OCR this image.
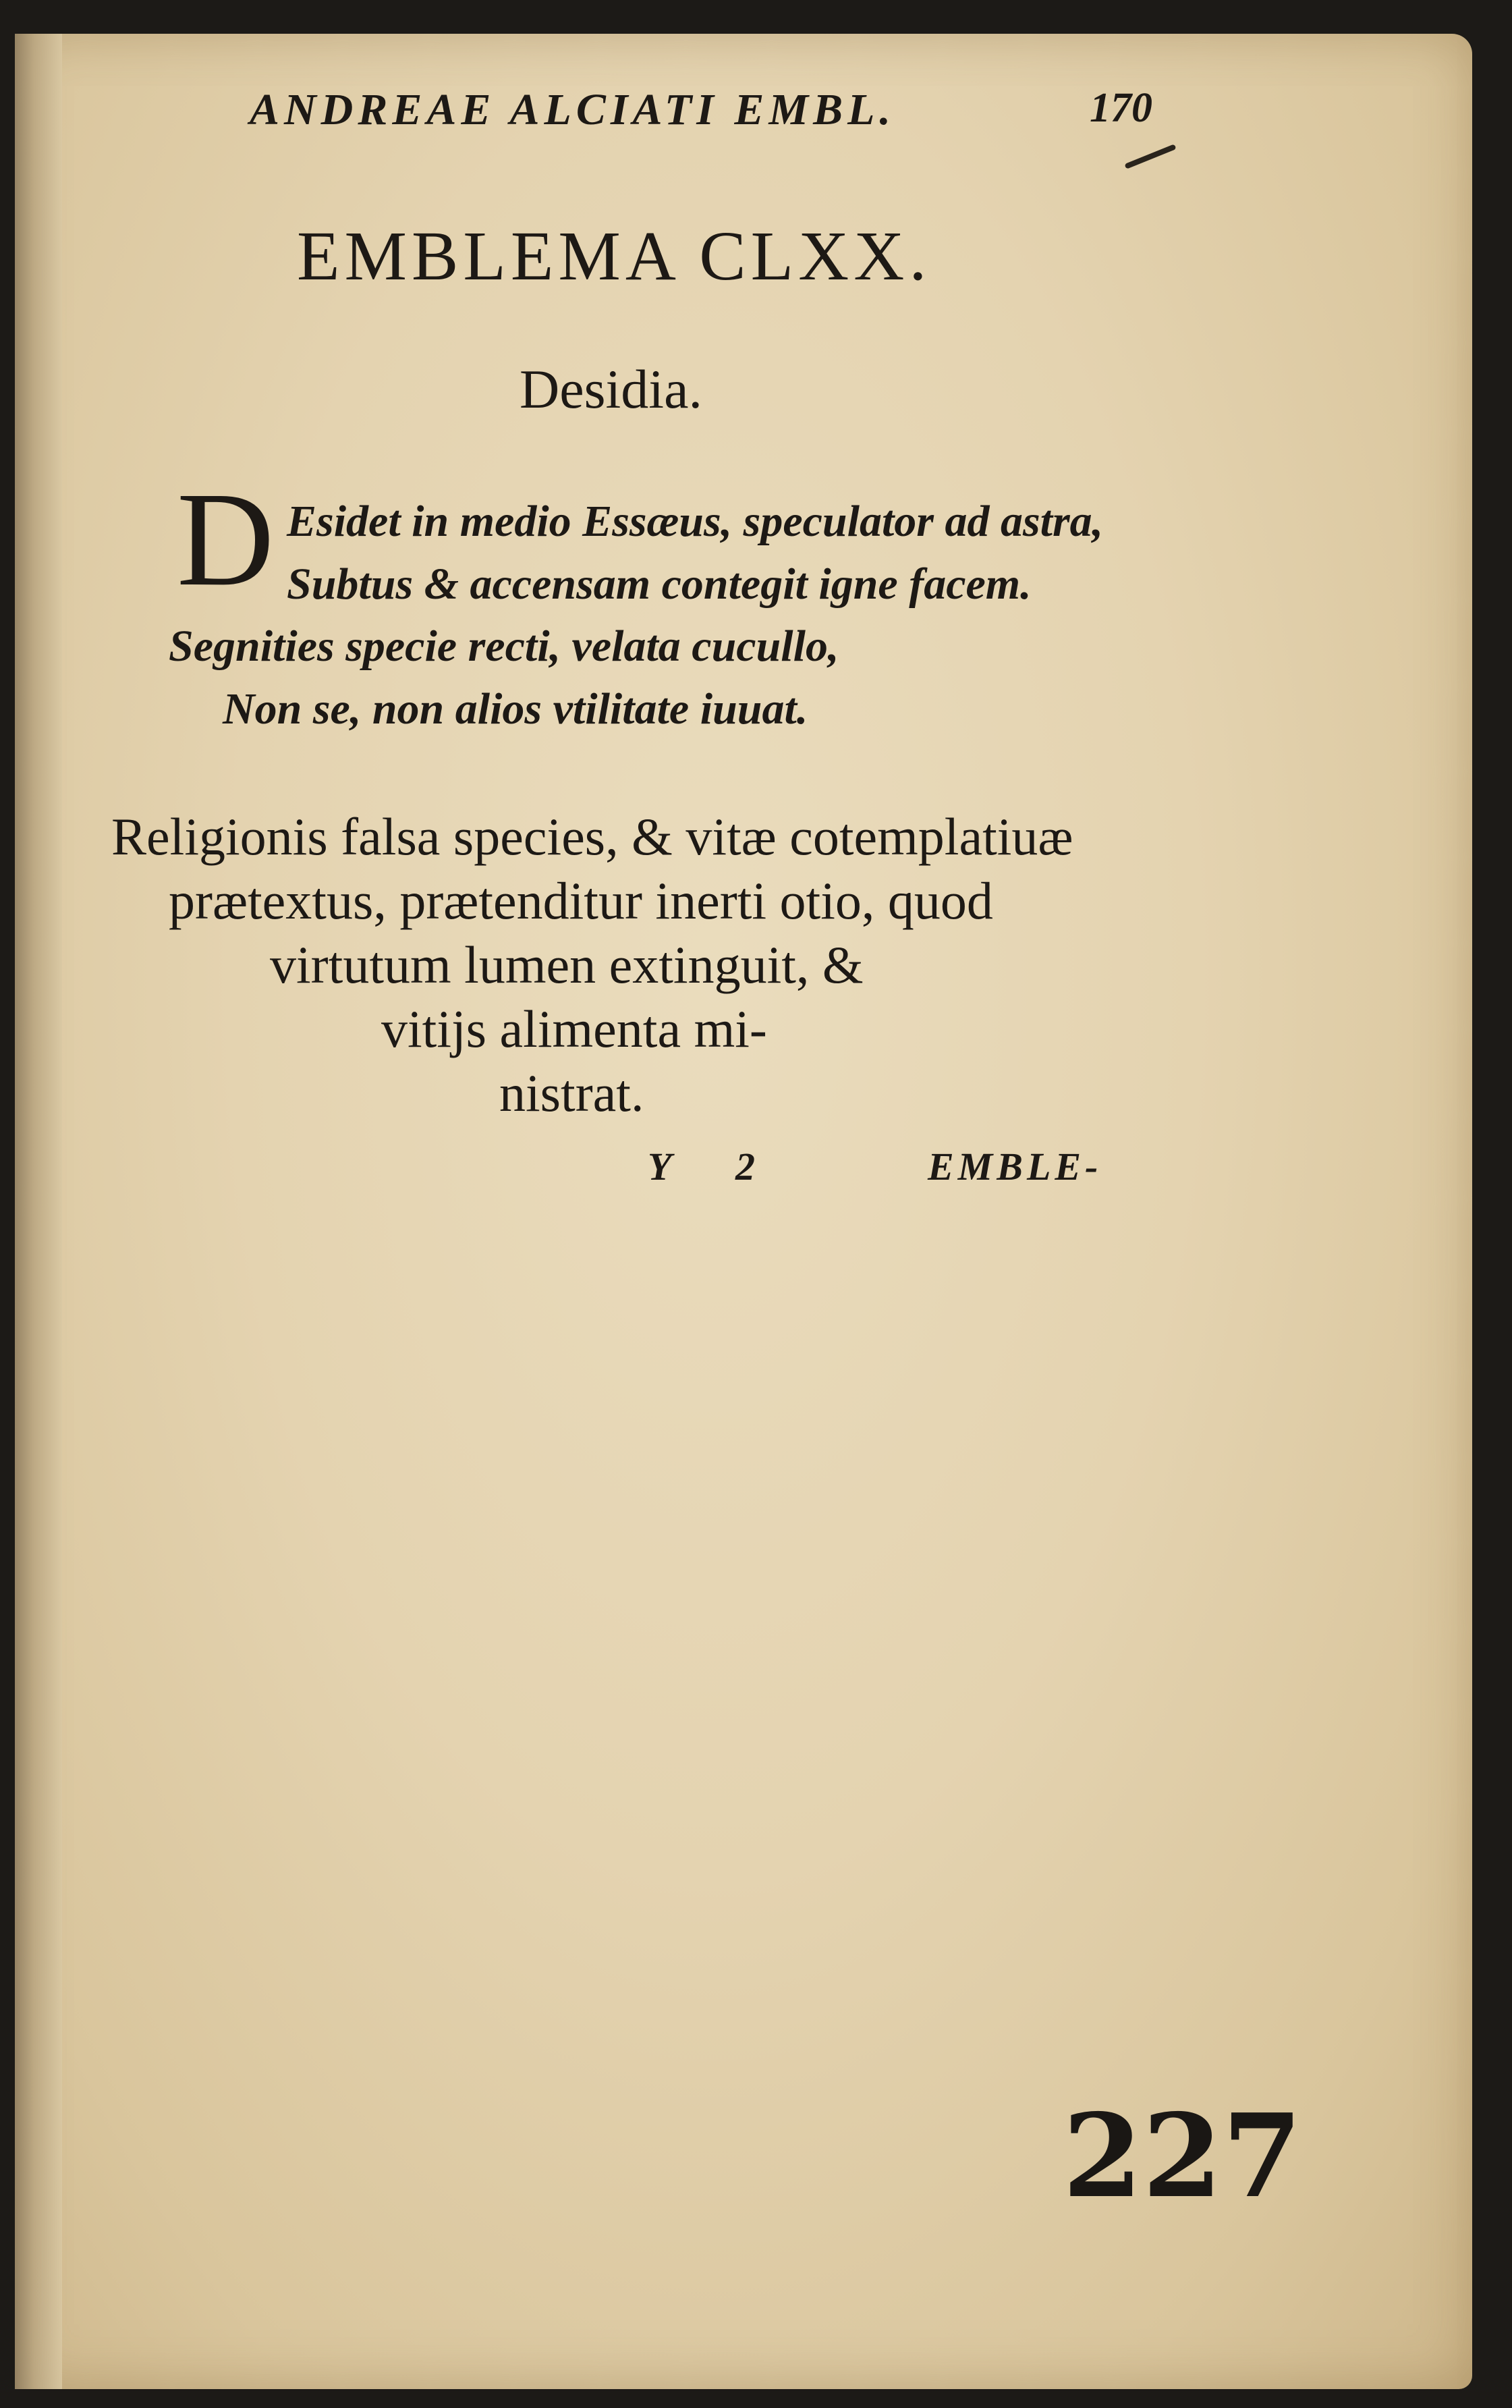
ANDREAE ALCIATI EMBL.	170
EMBLEMA CLXX.
Desidia.
D Esidet in medio Essæus, speculator ad astra,
Subtus & accensam contegit igne facem.
Segnities specie recti, velata cucullo,
Non se, non alios vtilitate iuuat.
Religionis falsa species, & vitæ cotemplatiuæ
prætextus, prætenditur inerti otio, quod
virtutum lumen extinguit, &
vitijs alimenta mi-
nistrat.
Y 2	EMBLE-
227
